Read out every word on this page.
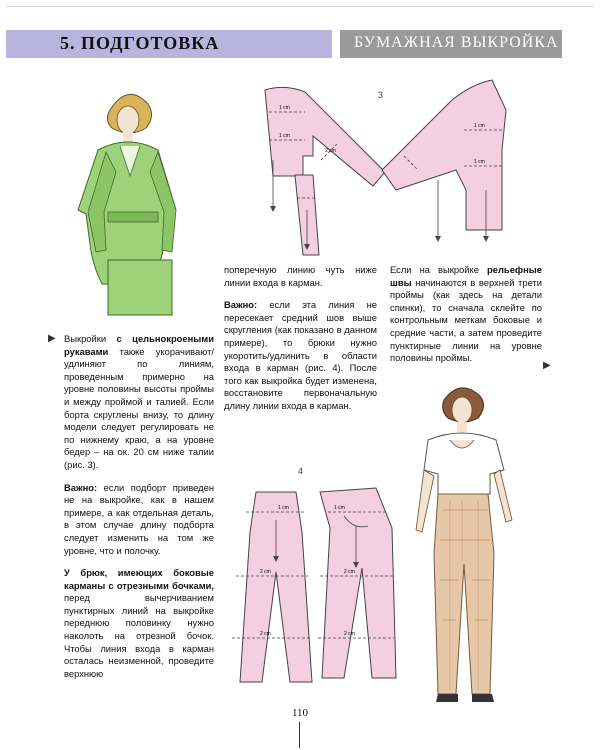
5. ПОДГОТОВКА	БУМАЖНАЯ ВЫКРОЙКА
3
1 cm
1 cm
2 cm
1 cm
1 cm

Выкройки с цельнокроеными рукавами также укорачивают/удлиняют по линиям, проведенным примерно на уровне половины высоты проймы и между проймой и талией. Если борта скруглены внизу, то длину модели следует регулировать не по нижнему краю, а на уровне бедер – на ок. 20 см ниже талии (рис. 3).

Важно: если подборт приведен не на выкройке, как в нашем примере, а как отдельная деталь, в этом случае длину подборта следует изменить на том же уровне, что и полочку.

У брюк, имеющих боковые карманы с отрезными бочками, перед вычерчиванием пунктирных линий на выкройке переднюю половинку нужно наколоть на отрезной бочок. Чтобы линия входа в карман осталась неизменной, проведите верхнюю

▶

поперечную линию чуть ниже линии входа в карман.

Важно: если эта линия не пересекает средний шов выше скругления (как показано в данном примере), то брюки нужно укоротить/удлинить в области входа в карман (рис. 4). После того как выкройка будет изменена, восстановите первоначальную длину линии входа в карман.

Если на выкройке рельефные швы начинаются в верхней трети проймы (как здесь на детали спинки), то сначала склейте по контрольным меткам боковые и средние части, а затем проведите пунктирные линии на уровне половины проймы.

▶
4
1 cm
2 cm
2 cm
1 cm
2 cm
2 cm
110
